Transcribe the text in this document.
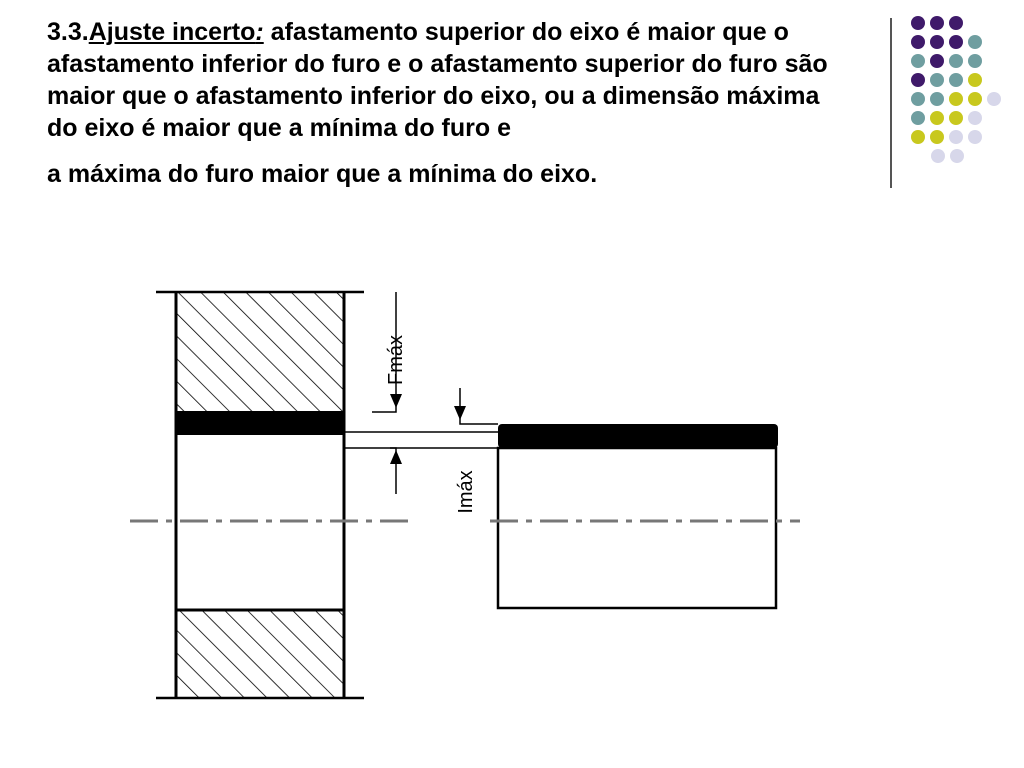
3.3.Ajuste incerto: afastamento superior do eixo é maior que o afastamento inferior do furo e o afastamento superior do furo são maior que o afastamento inferior do eixo, ou a dimensão máxima do eixo é maior que a mínima do furo e

a máxima do furo maior que a mínima do eixo.

Fmáx
Imáx
